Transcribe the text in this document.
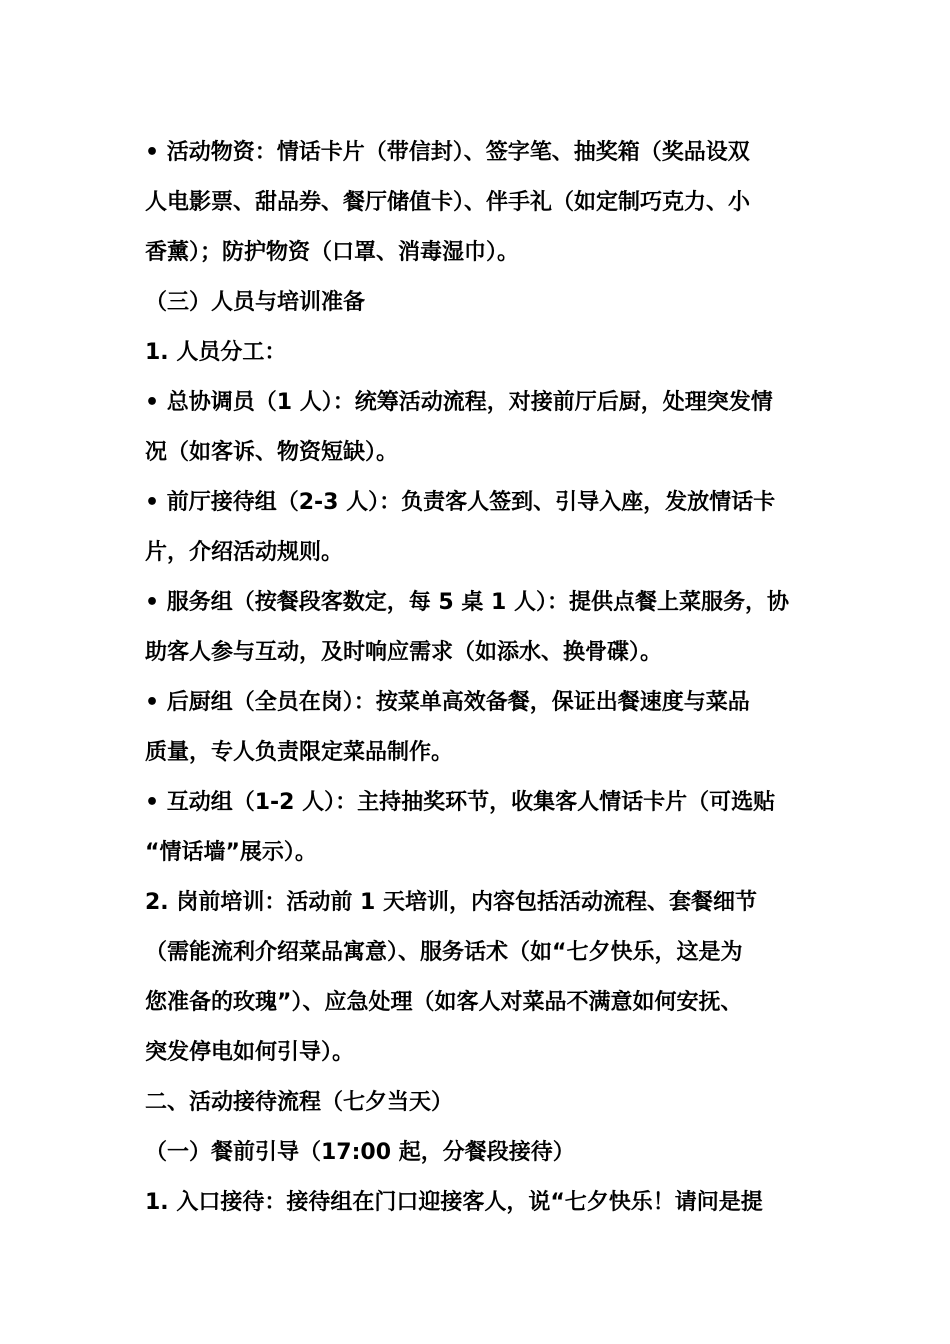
• 活动物资：情话卡片（带信封）、签字笔、抽奖箱（奖品设双
人电影票、甜品券、餐厅储值卡）、伴手礼（如定制巧克力、小
香薰）；防护物资（口罩、消毒湿巾）。
（三）人员与培训准备
1. 人员分工：
• 总协调员（1 人）：统筹活动流程，对接前厅后厨，处理突发情
况（如客诉、物资短缺）。
• 前厅接待组（2-3 人）：负责客人签到、引导入座，发放情话卡
片，介绍活动规则。
• 服务组（按餐段客数定，每 5 桌 1 人）：提供点餐上菜服务，协
助客人参与互动，及时响应需求（如添水、换骨碟）。
• 后厨组（全员在岗）：按菜单高效备餐，保证出餐速度与菜品
质量，专人负责限定菜品制作。
• 互动组（1-2 人）：主持抽奖环节，收集客人情话卡片（可选贴
“情话墙”展示）。
2. 岗前培训：活动前 1 天培训，内容包括活动流程、套餐细节
（需能流利介绍菜品寓意）、服务话术（如“七夕快乐，这是为
您准备的玫瑰”）、应急处理（如客人对菜品不满意如何安抚、
突发停电如何引导）。
二、活动接待流程（七夕当天）
（一）餐前引导（17:00 起，分餐段接待）
1. 入口接待：接待组在门口迎接客人，说“七夕快乐！请问是提
